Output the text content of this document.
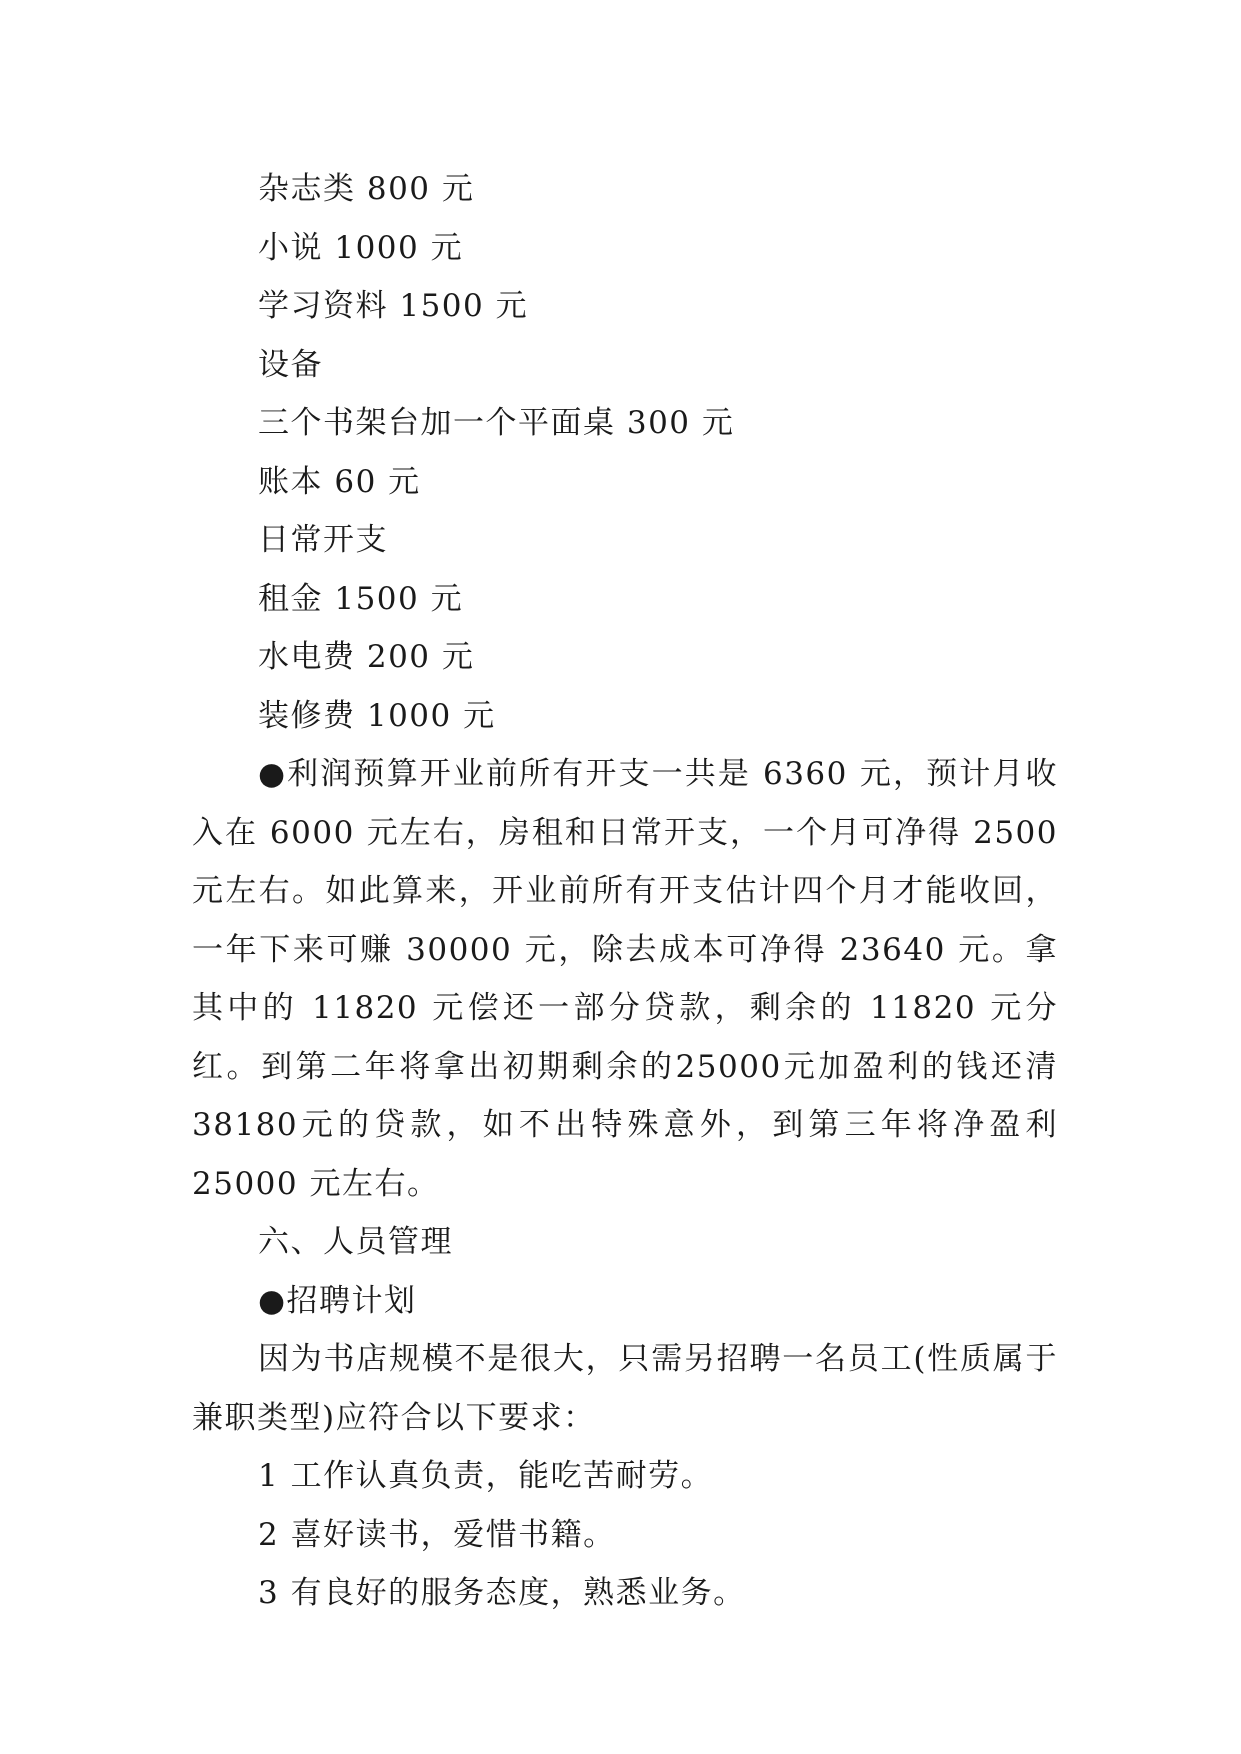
杂志类 800 元

小说 1000 元

学习资料 1500 元

设备

三个书架台加一个平面桌 300 元

账本 60 元

日常开支

租金 1500 元

水电费 200 元

装修费 1000 元

●利润预算开业前所有开支一共是 6360 元，预计月收入在 6000 元左右，房租和日常开支，一个月可净得 2500 元左右。如此算来，开业前所有开支估计四个月才能收回，一年下来可赚 30000 元，除去成本可净得 23640 元。拿其中的 11820 元偿还一部分贷款，剩余的 11820 元分红。到第二年将拿出初期剩余的25000元加盈利的钱还清38180元的贷款，如不出特殊意外，到第三年将净盈利 25000 元左右。

六、人员管理

●招聘计划

因为书店规模不是很大，只需另招聘一名员工(性质属于兼职类型)应符合以下要求：

1 工作认真负责，能吃苦耐劳。

2 喜好读书，爱惜书籍。

3 有良好的服务态度，熟悉业务。
